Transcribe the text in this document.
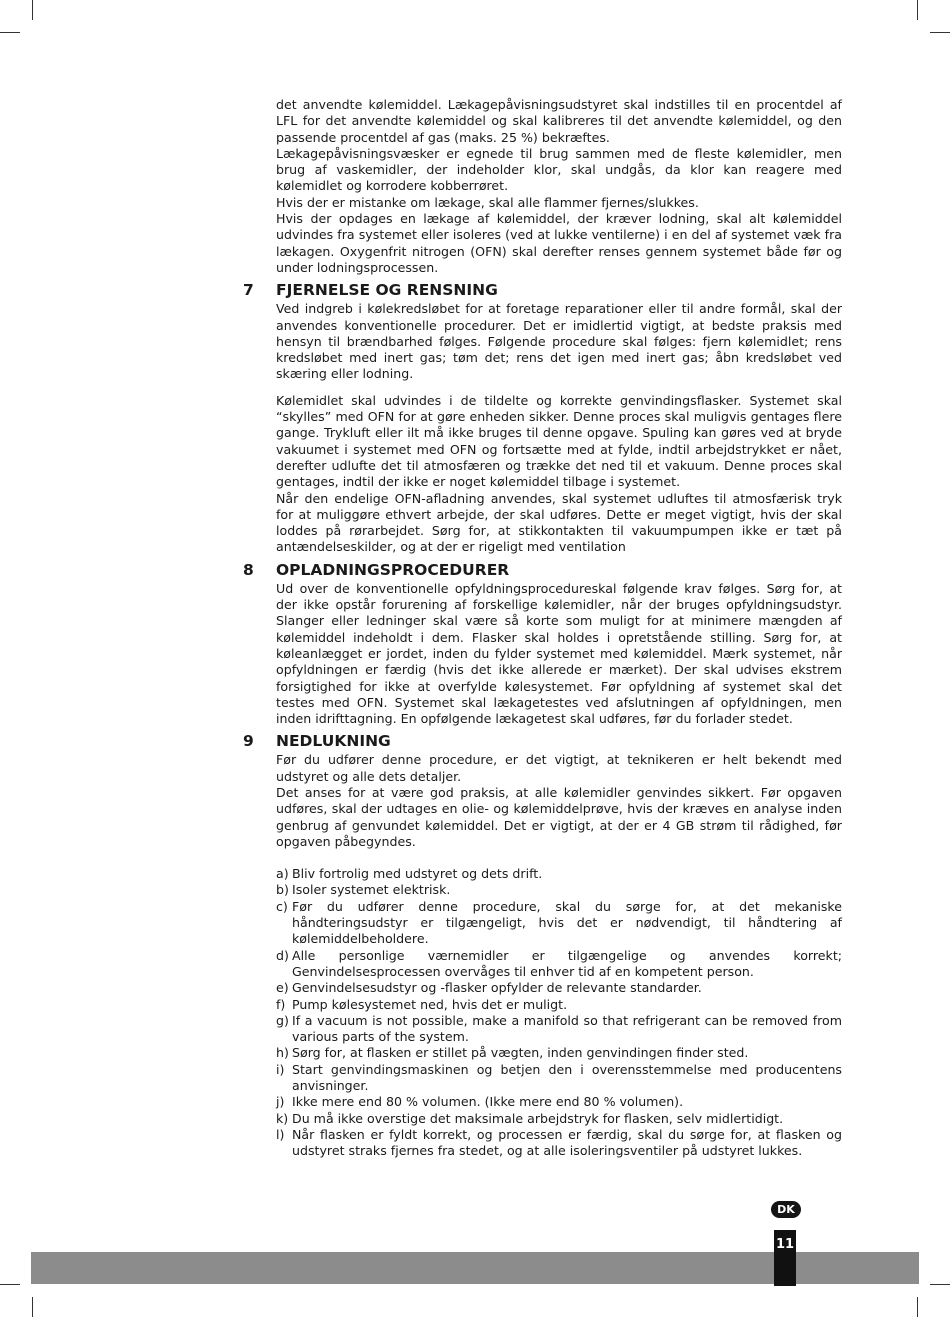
det anvendte kølemiddel. Lækagepåvisningsudstyret skal indstilles til en procentdel af LFL for det anvendte kølemiddel og skal kalibreres til det anvendte kølemiddel, og den passende procentdel af gas (maks. 25 %) bekræftes.

Lækagepåvisningsvæsker er egnede til brug sammen med de fleste kølemidler, men brug af vaskemidler, der indeholder klor, skal undgås, da klor kan reagere med kølemidlet og korrodere kobberrøret.

Hvis der er mistanke om lækage, skal alle flammer fjernes/slukkes.

Hvis der opdages en lækage af kølemiddel, der kræver lodning, skal alt kølemiddel udvindes fra systemet eller isoleres (ved at lukke ventilerne) i en del af systemet væk fra lækagen. Oxygenfrit nitrogen (OFN) skal derefter renses gennem systemet både før og under lodningsprocessen.

7 FJERNELSE OG RENSNING

Ved indgreb i kølekredsløbet for at foretage reparationer eller til andre formål, skal der anvendes konventionelle procedurer. Det er imidlertid vigtigt, at bedste praksis med hensyn til brændbarhed følges. Følgende procedure skal følges: fjern kølemidlet; rens kredsløbet med inert gas; tøm det; rens det igen med inert gas; åbn kredsløbet ved skæring eller lodning.

Kølemidlet skal udvindes i de tildelte og korrekte genvindingsflasker. Systemet skal “skylles” med OFN for at gøre enheden sikker. Denne proces skal muligvis gentages flere gange. Trykluft eller ilt må ikke bruges til denne opgave. Spuling kan gøres ved at bryde vakuumet i systemet med OFN og fortsætte med at fylde, indtil arbejdstrykket er nået, derefter udlufte det til atmosfæren og trække det ned til et vakuum. Denne proces skal gentages, indtil der ikke er noget kølemiddel tilbage i systemet.

Når den endelige OFN-afladning anvendes, skal systemet udluftes til atmosfærisk tryk for at muliggøre ethvert arbejde, der skal udføres. Dette er meget vigtigt, hvis der skal loddes på rørarbejdet. Sørg for, at stikkontakten til vakuumpumpen ikke er tæt på antændelseskilder, og at der er rigeligt med ventilation

8 OPLADNINGSPROCEDURER

Ud over de konventionelle opfyldningsprocedureskal følgende krav følges. Sørg for, at der ikke opstår forurening af forskellige kølemidler, når der bruges opfyldningsudstyr. Slanger eller ledninger skal være så korte som muligt for at minimere mængden af kølemiddel indeholdt i dem. Flasker skal holdes i opretstående stilling. Sørg for, at køleanlægget er jordet, inden du fylder systemet med kølemiddel. Mærk systemet, når opfyldningen er færdig (hvis det ikke allerede er mærket). Der skal udvises ekstrem forsigtighed for ikke at overfylde kølesystemet. Før opfyldning af systemet skal det testes med OFN. Systemet skal lækagetestes ved afslutningen af opfyldningen, men inden idrifttagning. En opfølgende lækagetest skal udføres, før du forlader stedet.

9 NEDLUKNING

Før du udfører denne procedure, er det vigtigt, at teknikeren er helt bekendt med udstyret og alle dets detaljer.

Det anses for at være god praksis, at alle kølemidler genvindes sikkert. Før opgaven udføres, skal der udtages en olie- og kølemiddelprøve, hvis der kræves en analyse inden genbrug af genvundet kølemiddel. Det er vigtigt, at der er 4 GB strøm til rådighed, før opgaven påbegyndes.

a) Bliv fortrolig med udstyret og dets drift.
b) Isoler systemet elektrisk.
c) Før du udfører denne procedure, skal du sørge for, at det mekaniske håndteringsudstyr er tilgængeligt, hvis det er nødvendigt, til håndtering af kølemiddelbeholdere.
d) Alle personlige værnemidler er tilgængelige og anvendes korrekt; Genvindelsesprocessen overvåges til enhver tid af en kompetent person.
e) Genvindelsesudstyr og -flasker opfylder de relevante standarder.
f) Pump kølesystemet ned, hvis det er muligt.
g) If a vacuum is not possible, make a manifold so that refrigerant can be removed from various parts of the system.
h) Sørg for, at flasken er stillet på vægten, inden genvindingen finder sted.
i) Start genvindingsmaskinen og betjen den i overensstemmelse med producentens anvisninger.
j) Ikke mere end 80 % volumen. (Ikke mere end 80 % volumen).
k) Du må ikke overstige det maksimale arbejdstryk for flasken, selv midlertidigt.
l) Når flasken er fyldt korrekt, og processen er færdig, skal du sørge for, at flasken og udstyret straks fjernes fra stedet, og at alle isoleringsventiler på udstyret lukkes.
DK
11
